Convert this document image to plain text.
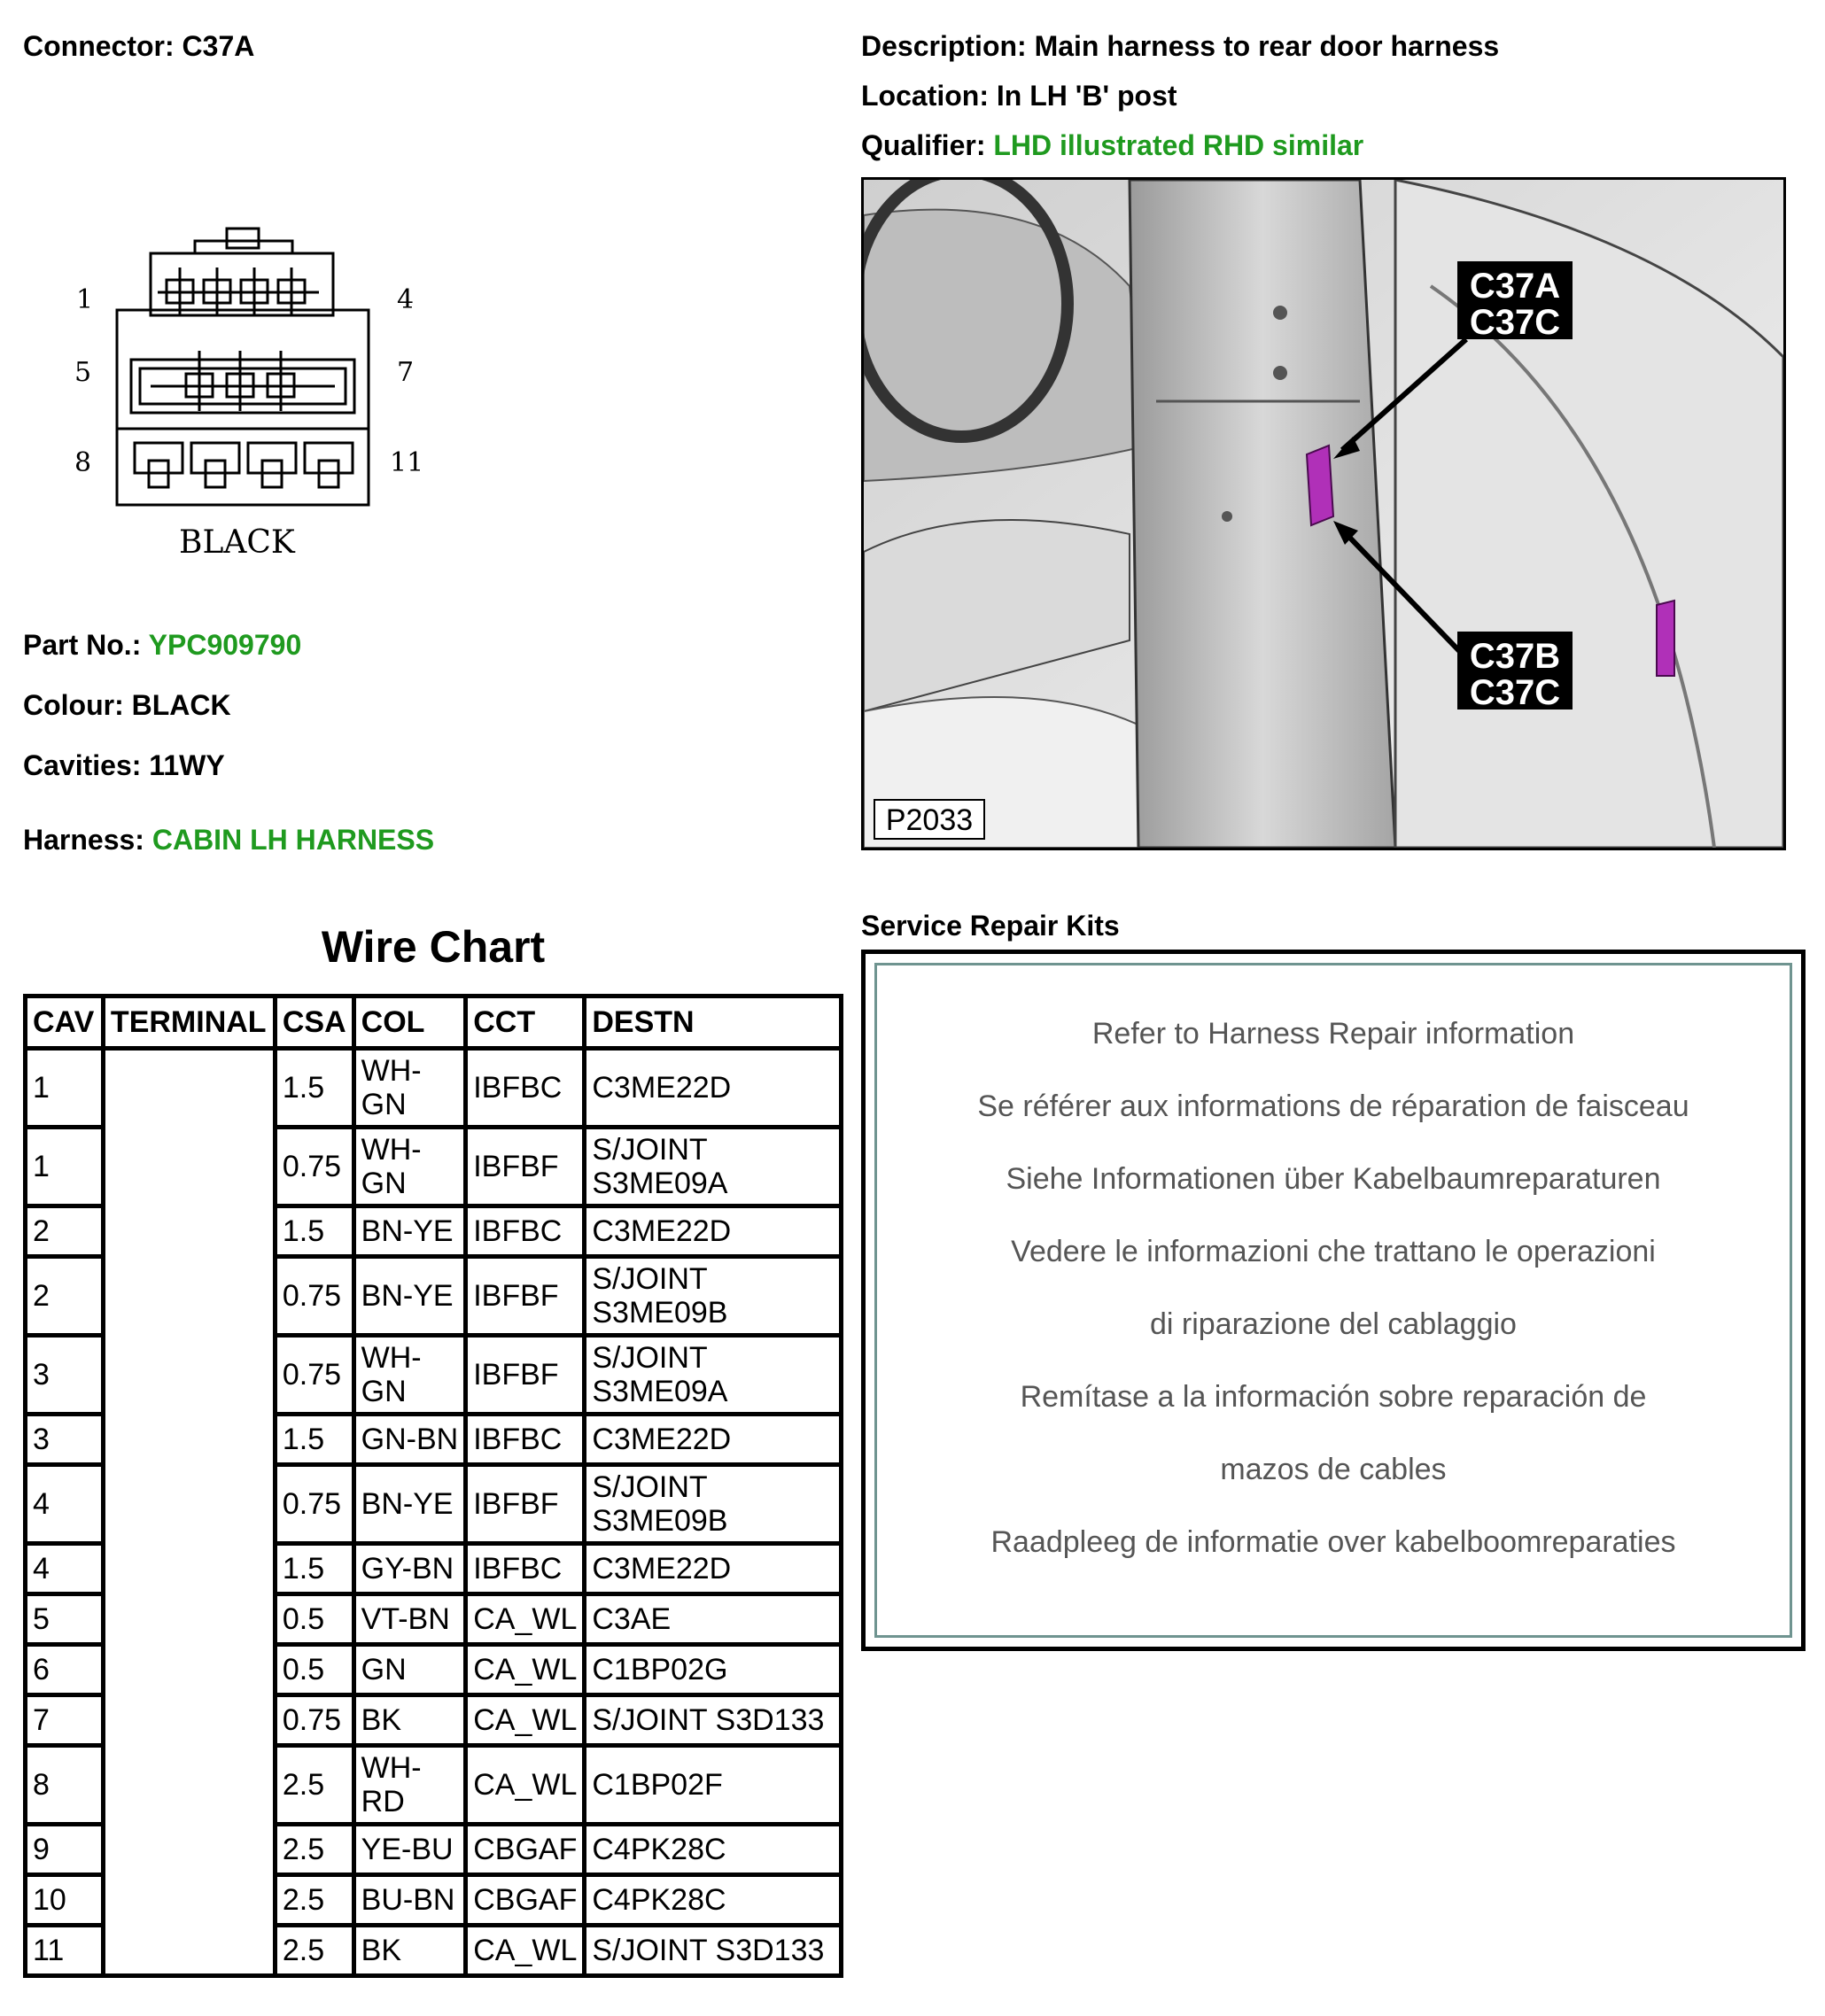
Connector: C37A	Description: Main harness to rear door harness
Location: In LH 'B' post
Qualifier: LHD illustrated RHD similar
1	4
5	7
8	11
BLACK
Part No.: YPC909790
Colour: BLACK
Cavities: 11WY
Harness: CABIN LH HARNESS
C37A
C37C
C37B
C37C
P2033
Wire Chart
CAV	TERMINAL	CSA	COL	CCT	DESTN
1		1.5	WH-GN	IBFBC	C3ME22D
1		0.75	WH-GN	IBFBF	S/JOINT S3ME09A
2		1.5	BN-YE	IBFBC	C3ME22D
2		0.75	BN-YE	IBFBF	S/JOINT S3ME09B
3		0.75	WH-GN	IBFBF	S/JOINT S3ME09A
3		1.5	GN-BN	IBFBC	C3ME22D
4		0.75	BN-YE	IBFBF	S/JOINT S3ME09B
4		1.5	GY-BN	IBFBC	C3ME22D
5		0.5	VT-BN	CA_WL	C3AE
6		0.5	GN	CA_WL	C1BP02G
7		0.75	BK	CA_WL	S/JOINT S3D133
8		2.5	WH-RD	CA_WL	C1BP02F
9		2.5	YE-BU	CBGAF	C4PK28C
10		2.5	BU-BN	CBGAF	C4PK28C
11		2.5	BK	CA_WL	S/JOINT S3D133
Service Repair Kits
Refer to Harness Repair information
Se référer aux informations de réparation de faisceau
Siehe Informationen über Kabelbaumreparaturen
Vedere le informazioni che trattano le operazioni
di riparazione del cablaggio
Remítase a la información sobre reparación de
mazos de cables
Raadpleeg de informatie over kabelboomreparaties
